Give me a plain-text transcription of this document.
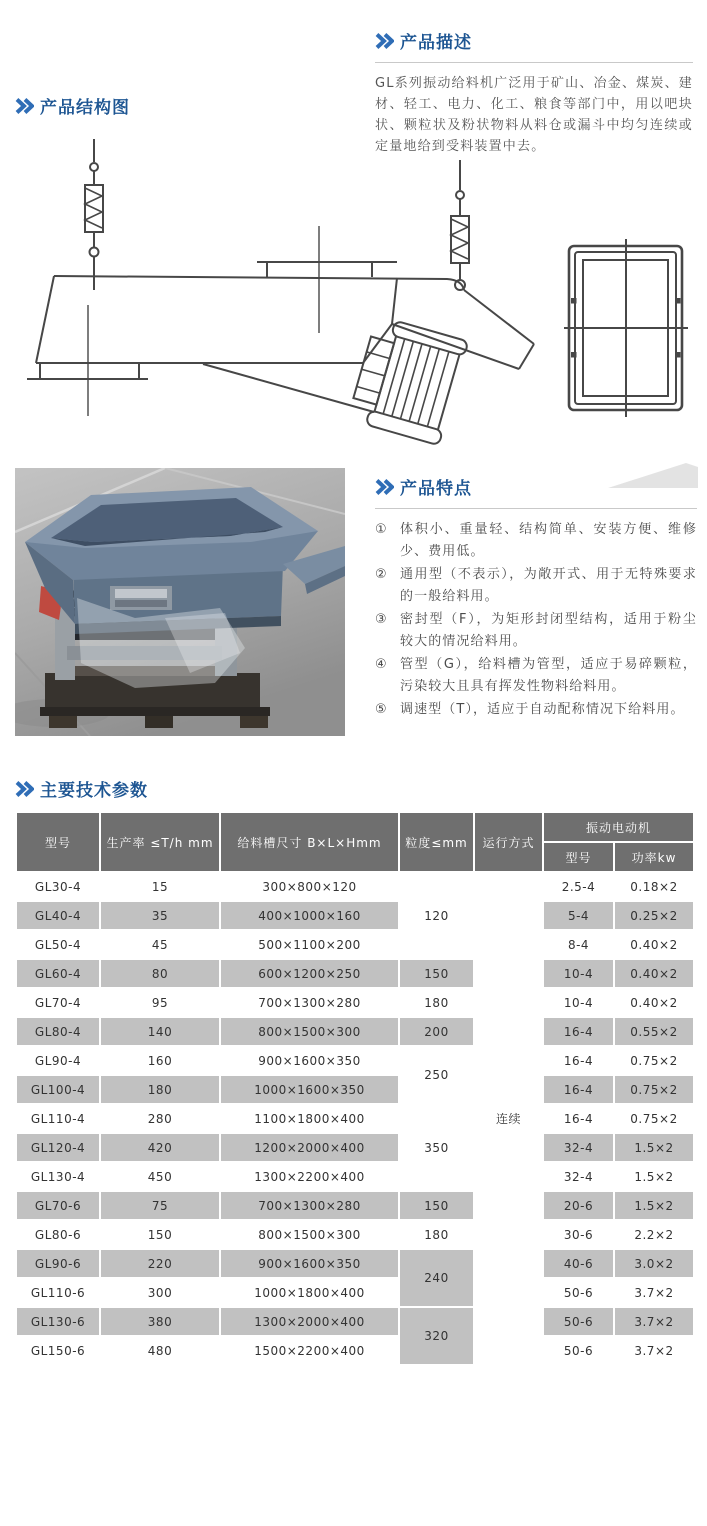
产品描述

GL系列振动给料机广泛用于矿山、冶金、煤炭、建材、轻工、电力、化工、粮食等部门中，用以吧块状、颗粒状及粉状物料从料仓或漏斗中均匀连续或定量地给到受料装置中去。

产品结构图
产品特点
① 体积小、重量轻、结构简单、安装方便、维修少、费用低。
② 通用型（不表示），为敞开式、用于无特殊要求的一般给料用。
③ 密封型（F），为矩形封闭型结构，适用于粉尘较大的情况给料用。
④ 管型（G），给料槽为管型，适应于易碎颗粒，污染较大且具有挥发性物料给料用。
⑤ 调速型（T），适应于自动配称情况下给料用。
主要技术参数
型号	生产率 ≤T/h mm	给料槽尺寸 B×L×Hmm	粒度≤mm	运行方式	振动电动机	
					型号	功率kw
GL30-4	15	300×800×120	120	连续	2.5-4	0.18×2
GL40-4	35	400×1000×160			5-4	0.25×2
GL50-4	45	500×1100×200			8-4	0.40×2
GL60-4	80	600×1200×250	150		10-4	0.40×2
GL70-4	95	700×1300×280	180		10-4	0.40×2
GL80-4	140	800×1500×300	200		16-4	0.55×2
GL90-4	160	900×1600×350	250		16-4	0.75×2
GL100-4	180	1000×1600×350			16-4	0.75×2
GL110-4	280	1100×1800×400	350		16-4	0.75×2
GL120-4	420	1200×2000×400			32-4	1.5×2
GL130-4	450	1300×2200×400			32-4	1.5×2
GL70-6	75	700×1300×280	150		20-6	1.5×2
GL80-6	150	800×1500×300	180		30-6	2.2×2
GL90-6	220	900×1600×350	240		40-6	3.0×2
GL110-6	300	1000×1800×400			50-6	3.7×2
GL130-6	380	1300×2000×400	320		50-6	3.7×2
GL150-6	480	1500×2200×400			50-6	3.7×2
